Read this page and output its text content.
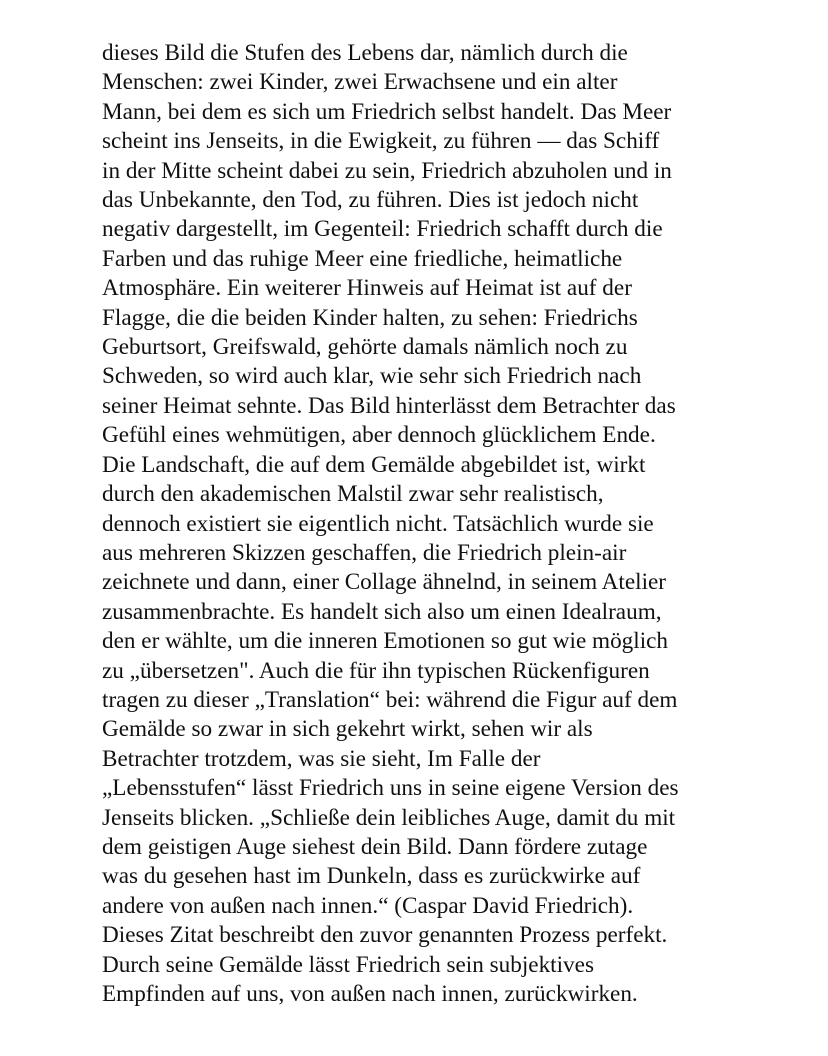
dieses Bild die Stufen des Lebens dar, nämlich durch die
Menschen: zwei Kinder, zwei Erwachsene und ein alter
Mann, bei dem es sich um Friedrich selbst handelt. Das Meer
scheint ins Jenseits, in die Ewigkeit, zu führen — das Schiff
in der Mitte scheint dabei zu sein, Friedrich abzuholen und in
das Unbekannte, den Tod, zu führen. Dies ist jedoch nicht
negativ dargestellt, im Gegenteil: Friedrich schafft durch die
Farben und das ruhige Meer eine friedliche, heimatliche
Atmosphäre. Ein weiterer Hinweis auf Heimat ist auf der
Flagge, die die beiden Kinder halten, zu sehen: Friedrichs
Geburtsort, Greifswald, gehörte damals nämlich noch zu
Schweden, so wird auch klar, wie sehr sich Friedrich nach
seiner Heimat sehnte. Das Bild hinterlässt dem Betrachter das
Gefühl eines wehmütigen, aber dennoch glücklichem Ende.
Die Landschaft, die auf dem Gemälde abgebildet ist, wirkt
durch den akademischen Malstil zwar sehr realistisch,
dennoch existiert sie eigentlich nicht. Tatsächlich wurde sie
aus mehreren Skizzen geschaffen, die Friedrich plein-air
zeichnete und dann, einer Collage ähnelnd, in seinem Atelier
zusammenbrachte. Es handelt sich also um einen Idealraum,
den er wählte, um die inneren Emotionen so gut wie möglich
zu „übersetzen". Auch die für ihn typischen Rückenfiguren
tragen zu dieser „Translation“ bei: während die Figur auf dem
Gemälde so zwar in sich gekehrt wirkt, sehen wir als
Betrachter trotzdem, was sie sieht, Im Falle der
„Lebensstufen“ lässt Friedrich uns in seine eigene Version des
Jenseits blicken. „Schließe dein leibliches Auge, damit du mit
dem geistigen Auge siehest dein Bild. Dann fördere zutage
was du gesehen hast im Dunkeln, dass es zurückwirke auf
andere von außen nach innen.“ (Caspar David Friedrich).
Dieses Zitat beschreibt den zuvor genannten Prozess perfekt.
Durch seine Gemälde lässt Friedrich sein subjektives
Empfinden auf uns, von außen nach innen, zurückwirken.
